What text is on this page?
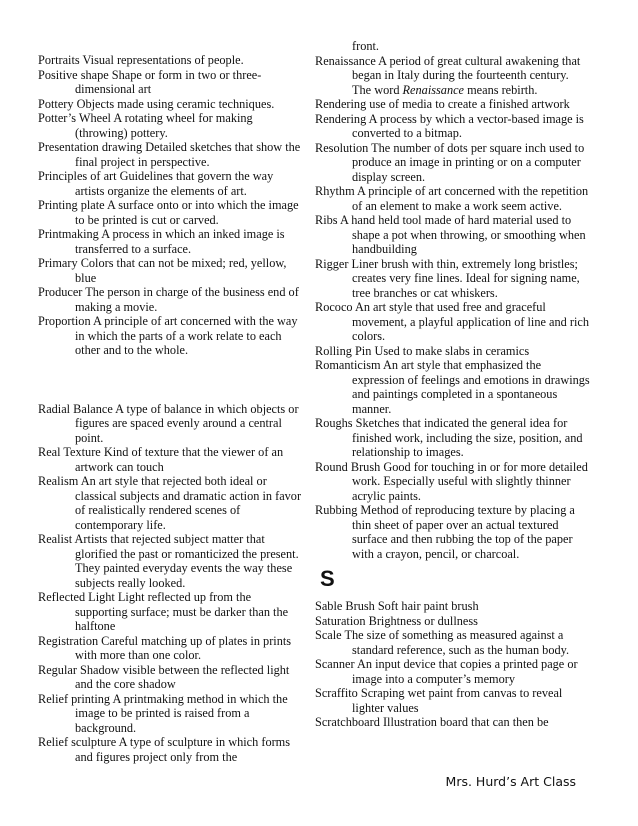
Portraits Visual representations of people.

Positive shape Shape or form in two or three-dimensional art

Pottery Objects made using ceramic techniques.

Potter’s Wheel A rotating wheel for making (throwing) pottery.

Presentation drawing Detailed sketches that show the final project in perspective.

Principles of art Guidelines that govern the way artists organize the elements of art.

Printing plate A surface onto or into which the image to be printed is cut or carved.

Printmaking A process in which an inked image is transferred to a surface.

Primary Colors that can not be mixed; red, yellow, blue

Producer The person in charge of the business end of making a movie.

Proportion A principle of art concerned with the way in which the parts of a work relate to each other and to the whole.

Radial Balance A type of balance in which objects or figures are spaced evenly around a central point.

Real Texture Kind of texture that the viewer of an artwork can touch

Realism An art style that rejected both ideal or classical subjects and dramatic action in favor of realistically rendered scenes of contemporary life.

Realist Artists that rejected subject matter that glorified the past or romanticized the present. They painted everyday events the way these subjects really looked.

Reflected Light Light reflected up from the supporting surface; must be darker than the halftone

Registration Careful matching up of plates in prints with more than one color.

Regular Shadow visible between the reflected light and the core shadow

Relief printing A printmaking method in which the image to be printed is raised from a background.

Relief sculpture A type of sculpture in which forms and figures project only from the

front.

Renaissance A period of great cultural awakening that began in Italy during the fourteenth century. The word Renaissance means rebirth.

Rendering use of media to create a finished artwork

Rendering A process by which a vector-based image is converted to a bitmap.

Resolution The number of dots per square inch used to produce an image in printing or on a computer display screen.

Rhythm A principle of art concerned with the repetition of an element to make a work seem active.

Ribs A hand held tool made of hard material used to shape a pot when throwing, or smoothing when handbuilding

Rigger Liner brush with thin, extremely long bristles; creates very fine lines. Ideal for signing name, tree branches or cat whiskers.

Rococo An art style that used free and graceful movement, a playful application of line and rich colors.

Rolling Pin Used to make slabs in ceramics

Romanticism An art style that emphasized the expression of feelings and emotions in drawings and paintings completed in a spontaneous manner.

Roughs Sketches that indicated the general idea for finished work, including the size, position, and relationship to images.

Round Brush Good for touching in or for more detailed work. Especially useful with slightly thinner acrylic paints.

Rubbing Method of reproducing texture by placing a thin sheet of paper over an actual textured surface and then rubbing the top of the paper with a crayon, pencil, or charcoal.

S

Sable Brush Soft hair paint brush

Saturation Brightness or dullness

Scale The size of something as measured against a standard reference, such as the human body.

Scanner An input device that copies a printed page or image into a computer’s memory

Scraffito Scraping wet paint from canvas to reveal lighter values

Scratchboard Illustration board that can then be

Mrs. Hurd’s Art Class
